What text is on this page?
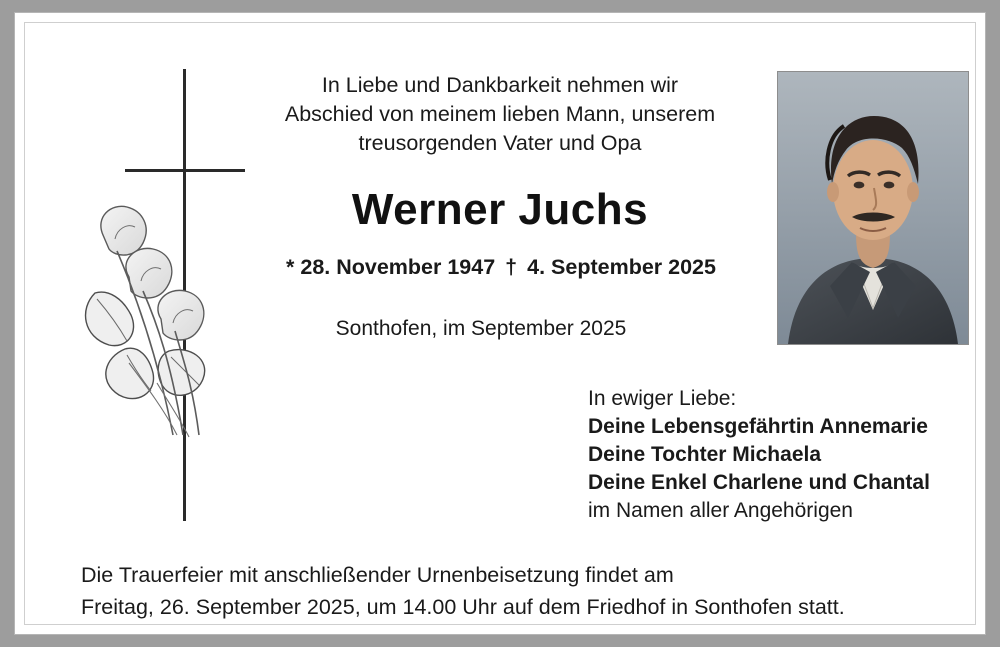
In Liebe und Dankbarkeit nehmen wir
Abschied von meinem lieben Mann, unserem
treusorgenden Vater und Opa
Werner Juchs
* 28. November 1947 † 4. September 2025
Sonthofen, im September 2025
In ewiger Liebe:
Deine Lebensgefährtin Annemarie
Deine Tochter Michaela
Deine Enkel Charlene und Chantal
im Namen aller Angehörigen
Die Trauerfeier mit anschließender Urnenbeisetzung findet am
Freitag, 26. September 2025, um 14.00 Uhr auf dem Friedhof in Sonthofen statt.
